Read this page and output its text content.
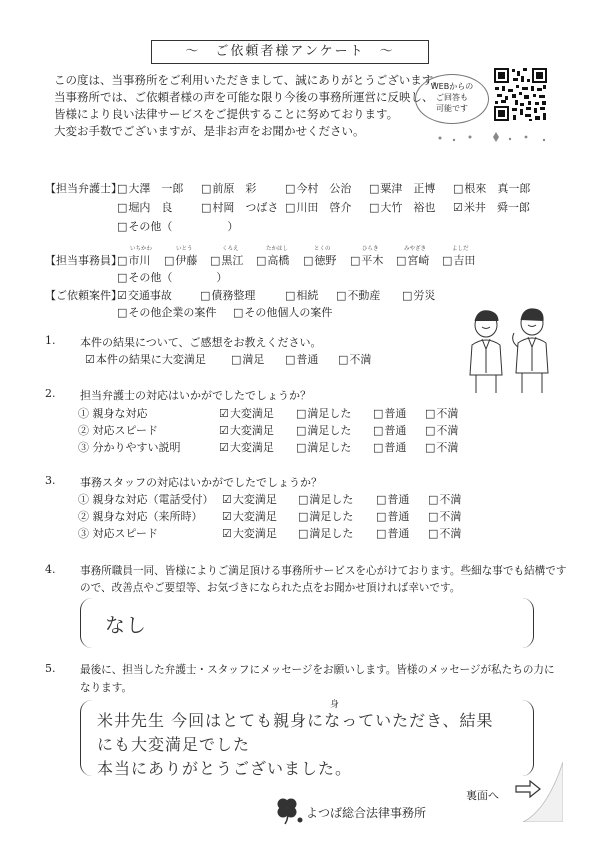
～　ご依頼者様アンケート　～
この度は、当事務所をご利用いただきまして、誠にありがとうございます。
当事務所では、ご依頼者様の声を可能な限り今後の事務所運営に反映し、
皆様により良い法律サービスをご提供することに努めております。
大変お手数でございますが、是非お声をお聞かせください。
WEBからの
ご回答も
可能です
【担当弁護士】 □ 大澤　一郎	□ 前原　彩	□ 今村　公治	□ 粟津　正博	□ 根來　真一郎
□ 堀内　良	□ 村岡　つばさ	□ 川田　啓介	□ 大竹　裕也	☑ 米井　舜一郎
□ その他（　　　　　）
【担当事務員】
いちかわ	いとう	くろえ	たかはし	とくの	ひらき	みやざき	よしだ
□ 市川	□ 伊藤	□ 黒江	□ 高橋	□ 徳野	□ 平木	□ 宮崎	□ 吉田
□ その他（　　　　）
【ご依頼案件】 ☑ 交通事故	□ 債務整理	□ 相続	□ 不動産	□ 労災
□ その他企業の案件	□ その他個人の案件
1. 本件の結果について、ご感想をお教えください。
☑ 本件の結果に大変満足	□ 満足	□ 普通	□ 不満
2. 担当弁護士の対応はいかがでしたでしょうか？
① 親身な対応	☑ 大変満足	□ 満足した	□ 普通	□ 不満
② 対応スピード	☑ 大変満足	□ 満足した	□ 普通	□ 不満
③ 分かりやすい説明	☑ 大変満足	□ 満足した	□ 普通	□ 不満
3. 事務スタッフの対応はいかがでしたでしょうか？
① 親身な対応（電話受付）	☑ 大変満足	□ 満足した	□ 普通	□ 不満
② 親身な対応（来所時）	☑ 大変満足	□ 満足した	□ 普通	□ 不満
③ 対応スピード	☑ 大変満足	□ 満足した	□ 普通	□ 不満
4. 事務所職員一同、皆様によりご満足頂ける事務所サービスを心がけております。些細な事でも結構です
ので、改善点やご要望等、お気づきになられた点をお聞かせ頂ければ幸いです。
なし
5. 最後に、担当した弁護士・スタッフにメッセージをお願いします。皆様のメッセージが私たちの力に
なります。
身
米井先生 今回はとても親身になっていただき、結果
にも大変満足でした
本当にありがとうございました。
裏面へ
よつば総合法律事務所
